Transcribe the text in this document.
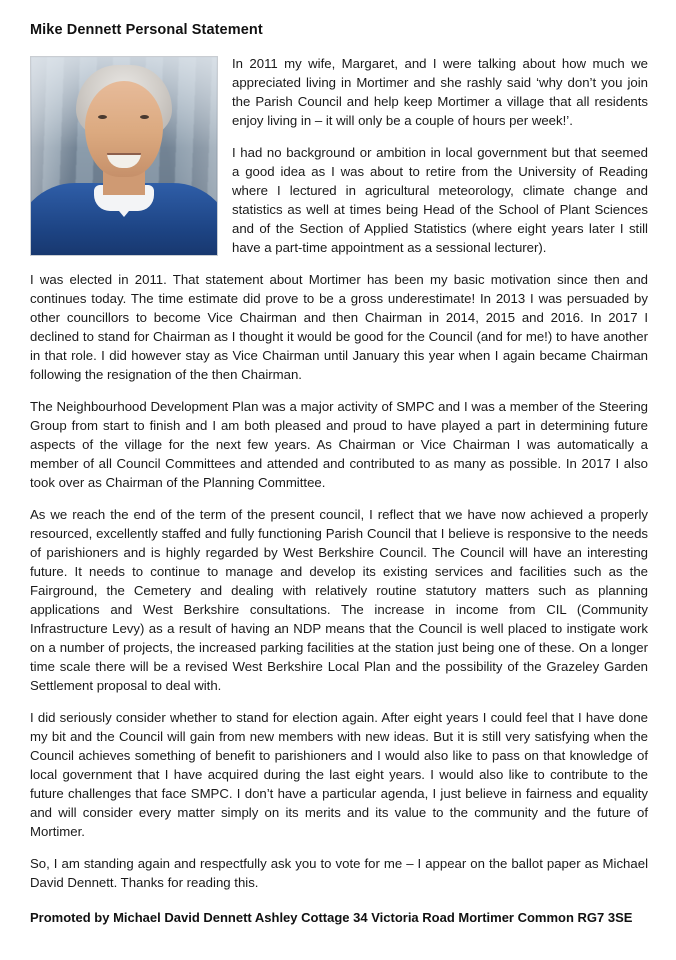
Mike Dennett Personal Statement

In 2011 my wife, Margaret, and I were talking about how much we appreciated living in Mortimer and she rashly said ‘why don’t you join the Parish Council and help keep Mortimer a village that all residents enjoy living in – it will only be a couple of hours per week!’.

I had no background or ambition in local government but that seemed a good idea as I was about to retire from the University of Reading where I lectured in agricultural meteorology, climate change and statistics as well at times being Head of the School of Plant Sciences and of the Section of Applied Statistics (where eight years later I still have a part-time appointment as a sessional lecturer).

I was elected in 2011. That statement about Mortimer has been my basic motivation since then and continues today. The time estimate did prove to be a gross underestimate! In 2013 I was persuaded by other councillors to become Vice Chairman and then Chairman in 2014, 2015 and 2016. In 2017 I declined to stand for Chairman as I thought it would be good for the Council (and for me!) to have another in that role. I did however stay as Vice Chairman until January this year when I again became Chairman following the resignation of the then Chairman.

The Neighbourhood Development Plan was a major activity of SMPC and I was a member of the Steering Group from start to finish and I am both pleased and proud to have played a part in determining future aspects of the village for the next few years. As Chairman or Vice Chairman I was automatically a member of all Council Committees and attended and contributed to as many as possible. In 2017 I also took over as Chairman of the Planning Committee.

As we reach the end of the term of the present council, I reflect that we have now achieved a properly resourced, excellently staffed and fully functioning Parish Council that I believe is responsive to the needs of parishioners and is highly regarded by West Berkshire Council. The Council will have an interesting future. It needs to continue to manage and develop its existing services and facilities such as the Fairground, the Cemetery and dealing with relatively routine statutory matters such as planning applications and West Berkshire consultations. The increase in income from CIL (Community Infrastructure Levy) as a result of having an NDP means that the Council is well placed to instigate work on a number of projects, the increased parking facilities at the station just being one of these. On a longer time scale there will be a revised West Berkshire Local Plan and the possibility of the Grazeley Garden Settlement proposal to deal with.

I did seriously consider whether to stand for election again. After eight years I could feel that I have done my bit and the Council will gain from new members with new ideas. But it is still very satisfying when the Council achieves something of benefit to parishioners and I would also like to pass on that knowledge of local government that I have acquired during the last eight years. I would also like to contribute to the future challenges that face SMPC. I don’t have a particular agenda, I just believe in fairness and equality and will consider every matter simply on its merits and its value to the community and the future of Mortimer.

So, I am standing again and respectfully ask you to vote for me – I appear on the ballot paper as Michael David Dennett. Thanks for reading this.

Promoted by Michael David Dennett Ashley Cottage 34 Victoria Road Mortimer Common RG7 3SE
